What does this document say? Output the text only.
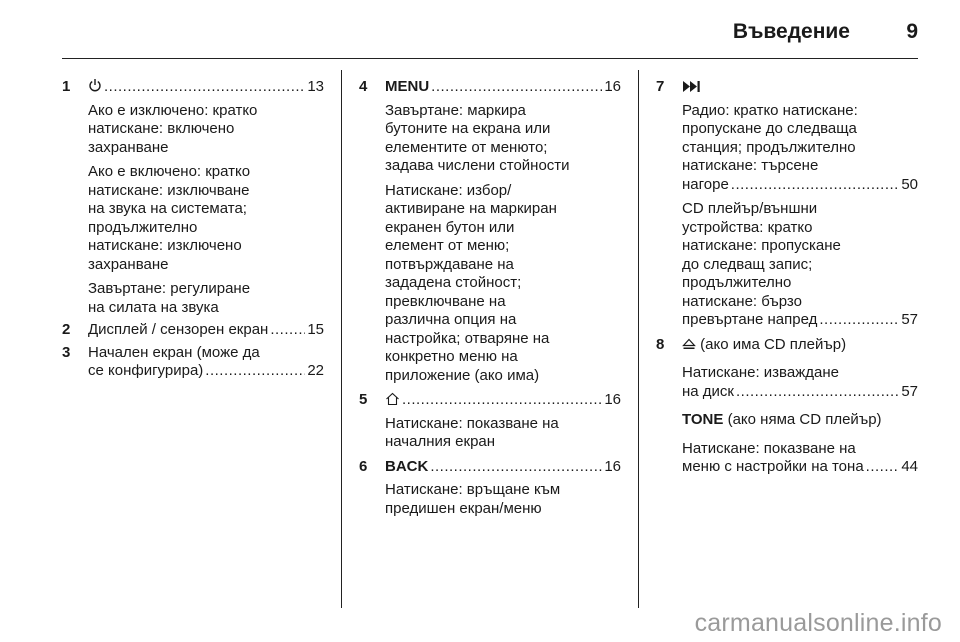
Въведение	9
1 .....	13
Ако е изключено: кратко
натискане: включено
захранване
Ако е включено: кратко
натискане: изключване
на звука на системата;
продължително
натискане: изключено
захранване
Завъртане: регулиране
на силата на звука
2 Дисплей / сензорен екран .....	15
3 Начален екран (може да
се конфигурира) .....	22
4 MENU .....	16
Завъртане: маркира
бутоните на екрана или
елементите от менюто;
задава числени стойности
Натискане: избор/
активиране на маркиран
екранен бутон или
елемент от меню;
потвърждаване на
зададена стойност;
превключване на
различна опция на
настройка; отваряне на
конкретно меню на
приложение (ако има)
5 .....	16
Натискане: показване на
началния екран
6 BACK .....	16
Натискане: връщане към
предишен екран/меню
7
Радио: кратко натискане:
пропускане до следваща
станция; продължително
натискане: търсене
нагоре .....	50
CD плейър/външни
устройства: кратко
натискане: пропускане
до следващ запис;
продължително
натискане: бързо
превъртане напред .....	57
8	(ако има CD плейър)
Натискане: изваждане
на диск .....	57
TONE (ако няма CD плейър)
Натискане: показване на
меню с настройки на тона .....	44
carmanualsonline.info
